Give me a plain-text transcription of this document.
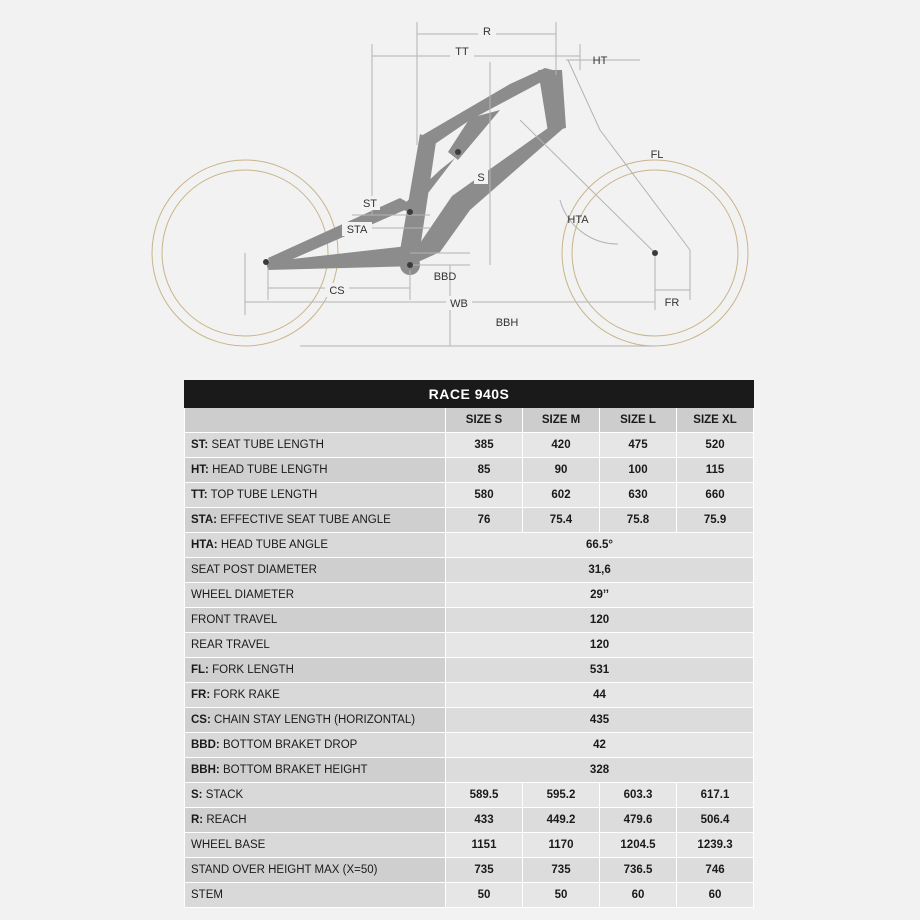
R
TT
HT
FL
S
ST
STA
HTA
BBD
CS
WB
BBH
FR
RACE 940S				
	SIZE S	SIZE M	SIZE L	SIZE XL
ST: SEAT TUBE LENGTH	385	420	475	520
HT: HEAD TUBE LENGTH	85	90	100	115
TT: TOP TUBE LENGTH	580	602	630	660
STA: EFFECTIVE SEAT TUBE ANGLE	76	75.4	75.8	75.9
HTA: HEAD TUBE ANGLE	66.5°			
SEAT POST DIAMETER	31,6			
WHEEL DIAMETER	29’’			
FRONT TRAVEL	120			
REAR TRAVEL	120			
FL: FORK LENGTH	531			
FR: FORK RAKE	44			
CS: CHAIN STAY LENGTH (HORIZONTAL)	435			
BBD: BOTTOM BRAKET DROP	42			
BBH: BOTTOM BRAKET HEIGHT	328			
S: STACK	589.5	595.2	603.3	617.1
R: REACH	433	449.2	479.6	506.4
WHEEL BASE	1151	1170	1204.5	1239.3
STAND OVER HEIGHT MAX (X=50)	735	735	736.5	746
STEM	50	50	60	60
